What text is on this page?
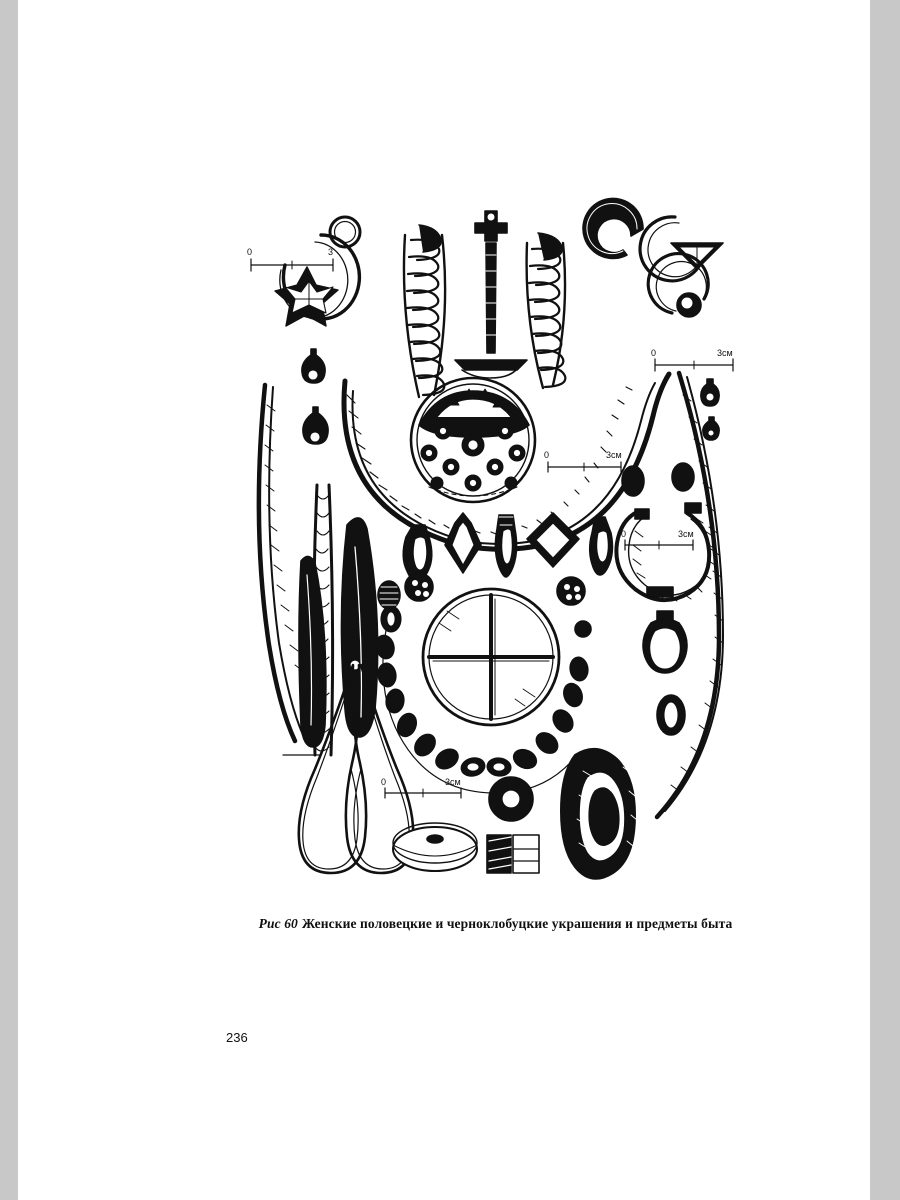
0	3
0	3см
0	3см
0	3см
0	3см
Рис 60 Женские половецкие и черноклобуцкие украшения и предметы быта
236
